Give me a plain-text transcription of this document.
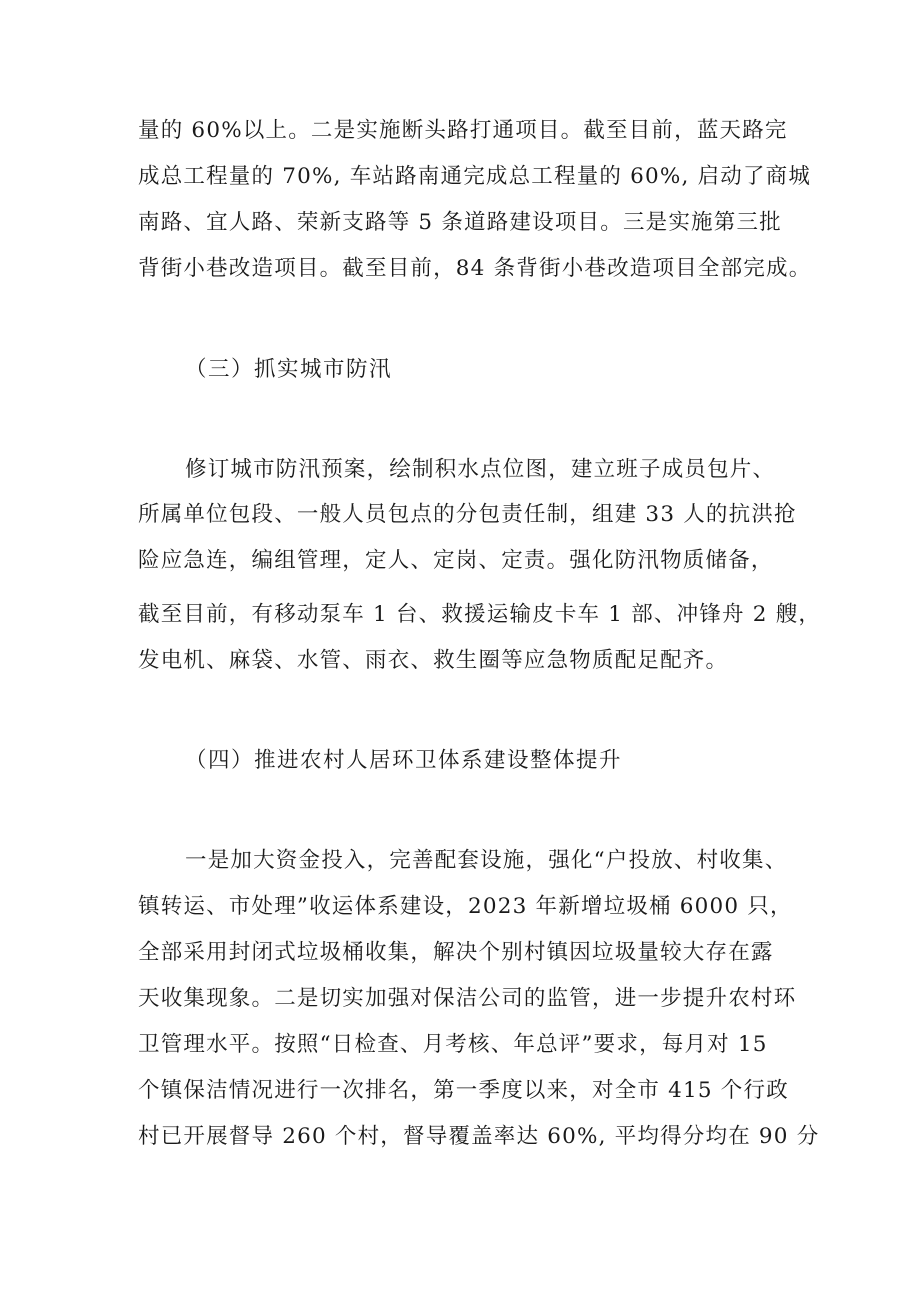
量的 60%以上。二是实施断头路打通项目。截至目前，蓝天路完
成总工程量的 70%, 车站路南通完成总工程量的 60%, 启动了商城
南路、宜人路、荣新支路等 5 条道路建设项目。三是实施第三批
背街小巷改造项目。截至目前，84 条背街小巷改造项目全部完成。
（三）抓实城市防汛
修订城市防汛预案，绘制积水点位图，建立班子成员包片、
所属单位包段、一般人员包点的分包责任制，组建 33 人的抗洪抢
险应急连，编组管理，定人、定岗、定责。强化防汛物质储备，
截至目前，有移动泵车 1 台、救援运输皮卡车 1 部、冲锋舟 2 艘，
发电机、麻袋、水管、雨衣、救生圈等应急物质配足配齐。
（四）推进农村人居环卫体系建设整体提升
一是加大资金投入，完善配套设施，强化“户投放、村收集、
镇转运、市处理”收运体系建设，2023 年新增垃圾桶 6000 只，
全部采用封闭式垃圾桶收集，解决个别村镇因垃圾量较大存在露
天收集现象。二是切实加强对保洁公司的监管，进一步提升农村环
卫管理水平。按照“日检查、月考核、年总评”要求，每月对 15
个镇保洁情况进行一次排名，第一季度以来，对全市 415 个行政
村已开展督导 260 个村，督导覆盖率达 60%, 平均得分均在 90 分
